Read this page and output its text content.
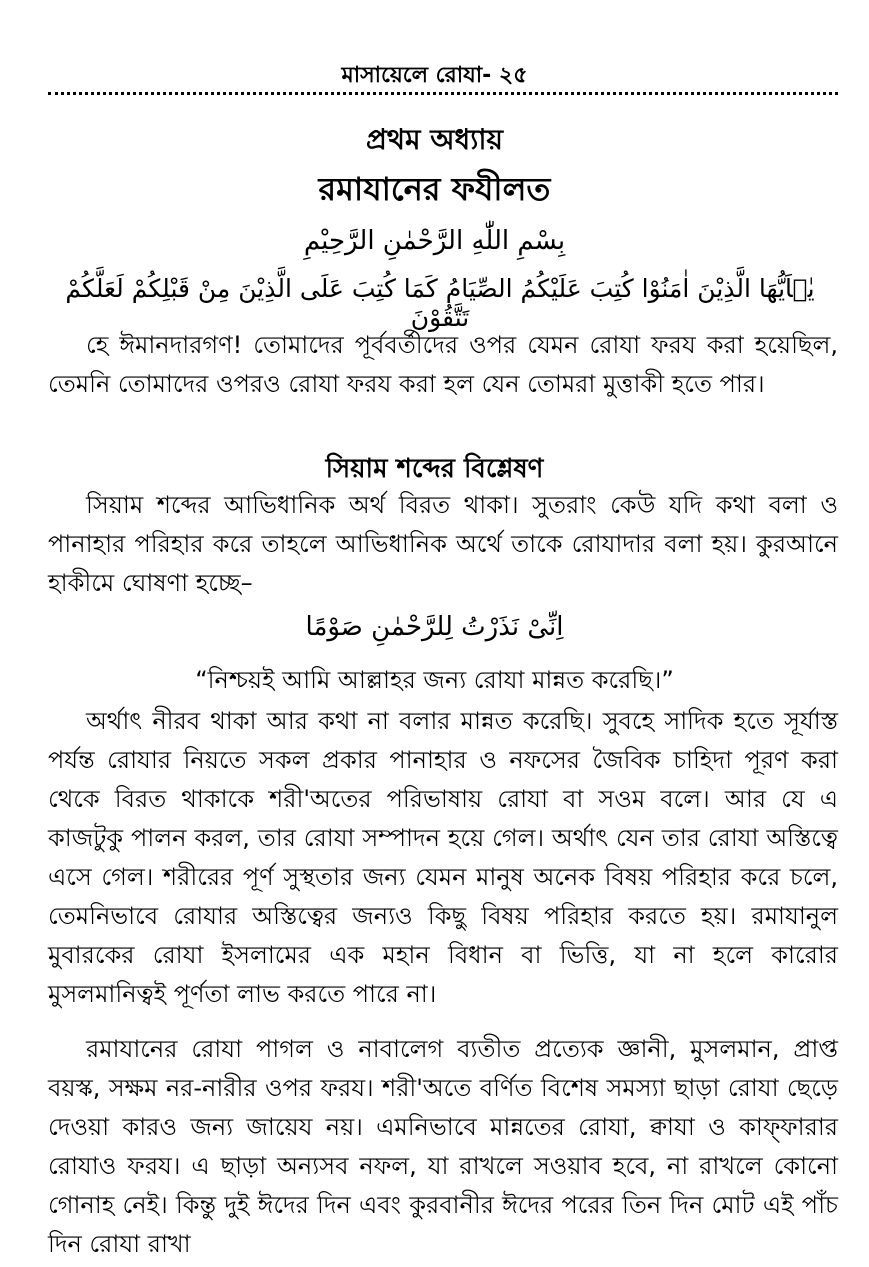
মাসায়েলে রোযা- ২৫
প্রথম অধ্যায়
রমাযানের ফযীলত
بِسْمِ اللّٰهِ الرَّحْمٰنِ الرَّحِيْمِ
يٰۤاَيُّهَا الَّذِيْنَ اٰمَنُوْا كُتِبَ عَلَيْكُمُ الصِّيَامُ كَمَا كُتِبَ عَلَى الَّذِيْنَ مِنْ قَبْلِكُمْ لَعَلَّكُمْ تَتَّقُوْنَ

হে ঈমানদারগণ! তোমাদের পূর্ববর্তীদের ওপর যেমন রোযা ফরয করা হয়েছিল, তেমনি তোমাদের ওপরও রোযা ফরয করা হল যেন তোমরা মুত্তাকী হতে পার।

সিয়াম শব্দের বিশ্লেষণ

সিয়াম শব্দের আভিধানিক অর্থ বিরত থাকা। সুতরাং কেউ যদি কথা বলা ও পানাহার পরিহার করে তাহলে আভিধানিক অর্থে তাকে রোযাদার বলা হয়। কুরআনে হাকীমে ঘোষণা হচ্ছে–

اِنِّىْ نَذَرْتُ لِلرَّحْمٰنِ صَوْمًا
“নিশ্চয়ই আমি আল্লাহর জন্য রোযা মান্নত করেছি।”

অর্থাৎ নীরব থাকা আর কথা না বলার মান্নত করেছি। সুবহে সাদিক হতে সূর্যাস্ত পর্যন্ত রোযার নিয়তে সকল প্রকার পানাহার ও নফসের জৈবিক চাহিদা পূরণ করা থেকে বিরত থাকাকে শরী'অতের পরিভাষায় রোযা বা সওম বলে। আর যে এ কাজটুকু পালন করল, তার রোযা সম্পাদন হয়ে গেল। অর্থাৎ যেন তার রোযা অস্তিত্বে এসে গেল। শরীরের পূর্ণ সুস্থতার জন্য যেমন মানুষ অনেক বিষয় পরিহার করে চলে, তেমনিভাবে রোযার অস্তিত্বের জন্যও কিছু বিষয় পরিহার করতে হয়। রমাযানুল মুবারকের রোযা ইসলামের এক মহান বিধান বা ভিত্তি, যা না হলে কারোর মুসলমানিত্বই পূর্ণতা লাভ করতে পারে না।

রমাযানের রোযা পাগল ও নাবালেগ ব্যতীত প্রত্যেক জ্ঞানী, মুসলমান, প্রাপ্ত বয়স্ক, সক্ষম নর-নারীর ওপর ফরয। শরী'অতে বর্ণিত বিশেষ সমস্যা ছাড়া রোযা ছেড়ে দেওয়া কারও জন্য জায়েয নয়। এমনিভাবে মান্নতের রোযা, ক্বাযা ও কাফ্ফারার রোযাও ফরয। এ ছাড়া অন্যসব নফল, যা রাখলে সওয়াব হবে, না রাখলে কোনো গোনাহ নেই। কিন্তু দুই ঈদের দিন এবং কুরবানীর ঈদের পরের তিন দিন মোট এই পাঁচ দিন রোযা রাখা
